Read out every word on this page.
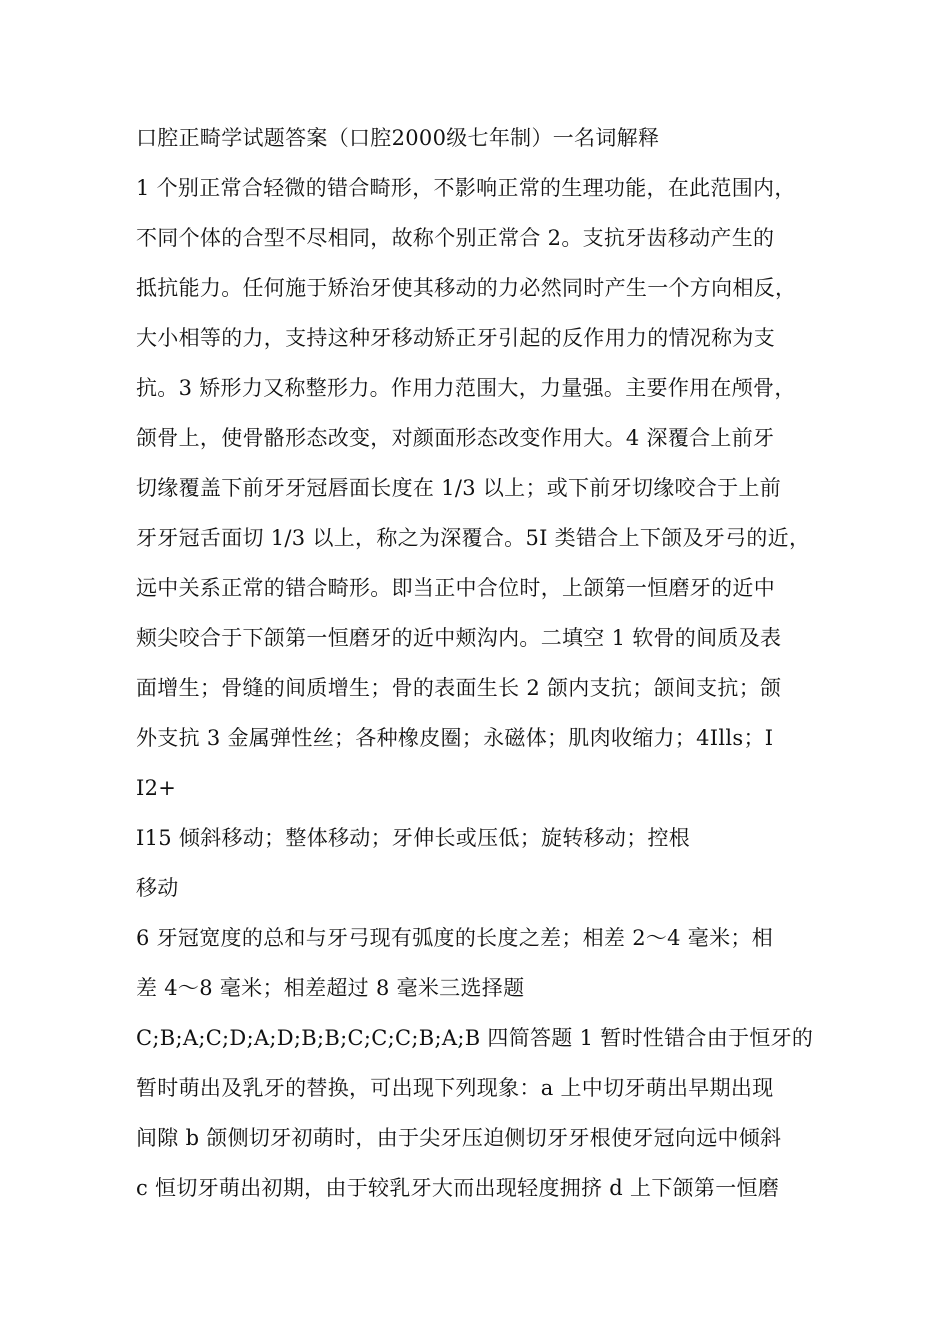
口腔正畸学试题答案（口腔2000级七年制）一名词解释
1 个别正常合轻微的错合畸形，不影响正常的生理功能，在此范围内，
不同个体的合型不尽相同，故称个别正常合 2。支抗牙齿移动产生的
抵抗能力。任何施于矫治牙使其移动的力必然同时产生一个方向相反，
大小相等的力，支持这种牙移动矫正牙引起的反作用力的情况称为支
抗。3 矫形力又称整形力。作用力范围大，力量强。主要作用在颅骨，
颌骨上，使骨骼形态改变，对颜面形态改变作用大。4 深覆合上前牙
切缘覆盖下前牙牙冠唇面长度在 1/3 以上；或下前牙切缘咬合于上前
牙牙冠舌面切 1/3 以上，称之为深覆合。5I 类错合上下颌及牙弓的近，
远中关系正常的错合畸形。即当正中合位时，上颌第一恒磨牙的近中
颊尖咬合于下颌第一恒磨牙的近中颊沟内。二填空 1 软骨的间质及表
面增生；骨缝的间质增生；骨的表面生长 2 颌内支抗；颌间支抗；颌
外支抗 3 金属弹性丝；各种橡皮圈；永磁体；肌肉收缩力；4Ills；I
I2+
I15 倾斜移动；整体移动；牙伸长或压低；旋转移动；控根
移动
6 牙冠宽度的总和与牙弓现有弧度的长度之差；相差 2～4 毫米；相
差 4～8 毫米；相差超过 8 毫米三选择题
C;B;A;C;D;A;D;B;B;C;C;C;B;A;B 四简答题 1 暂时性错合由于恒牙的
暂时萌出及乳牙的替换，可出现下列现象：a 上中切牙萌出早期出现
间隙 b 颌侧切牙初萌时，由于尖牙压迫侧切牙牙根使牙冠向远中倾斜
c 恒切牙萌出初期，由于较乳牙大而出现轻度拥挤 d 上下颌第一恒磨
